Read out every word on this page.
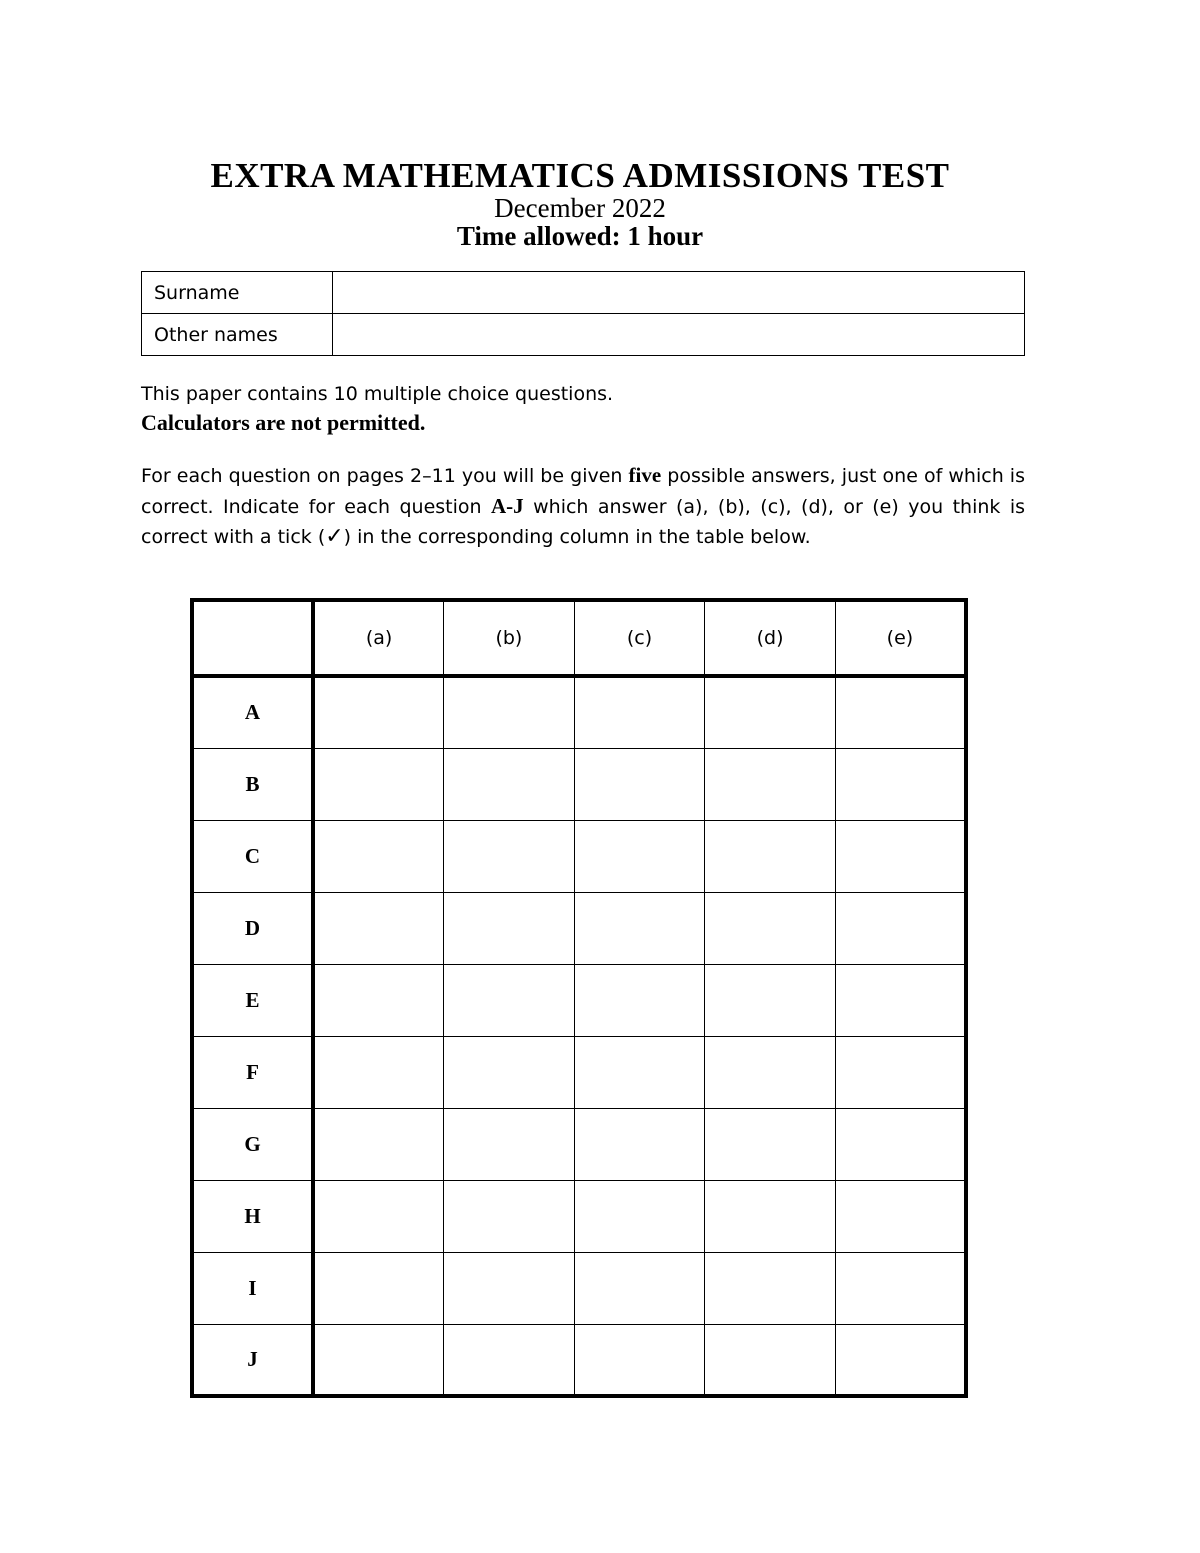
EXTRA MATHEMATICS ADMISSIONS TEST
December 2022
Time allowed: 1 hour
Surname	
Other names	

This paper contains 10 multiple choice questions.

Calculators are not permitted.

For each question on pages 2–11 you will be given five possible answers, just one of which is correct. Indicate for each question A-J which answer (a), (b), (c), (d), or (e) you think is correct with a tick (✓) in the corresponding column in the table below.

	(a)	(b)	(c)	(d)	(e)
A					
B					
C					
D					
E					
F					
G					
H					
I					
J					
